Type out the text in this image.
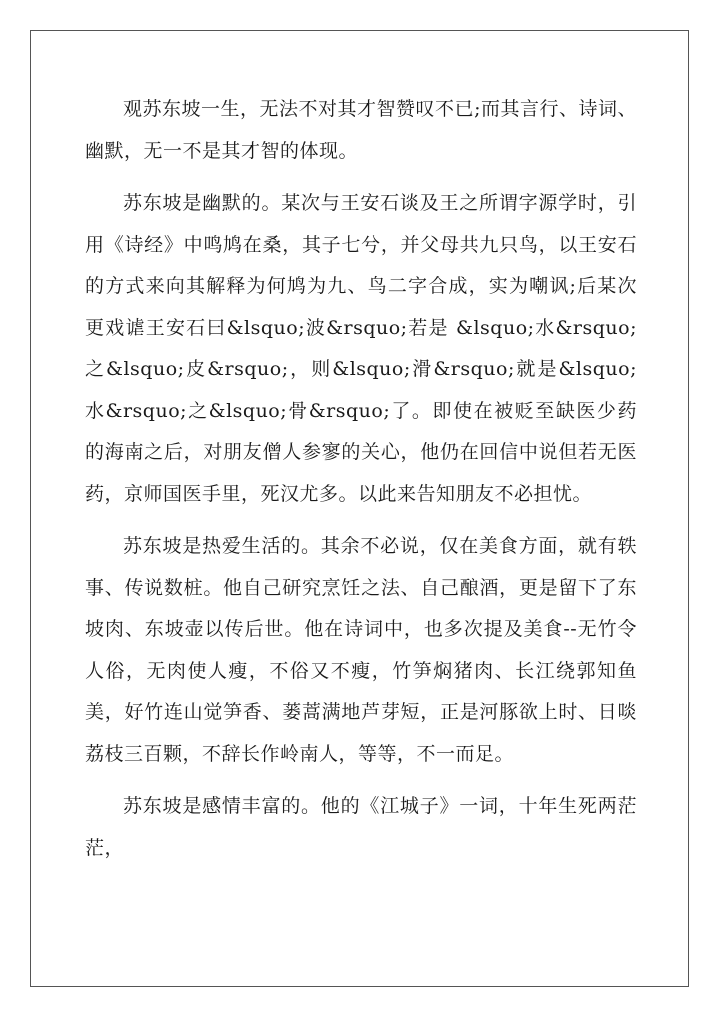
观苏东坡一生，无法不对其才智赞叹不已;而其言行、诗词、幽默，无一不是其才智的体现。

苏东坡是幽默的。某次与王安石谈及王之所谓字源学时，引用《诗经》中鸣鸠在桑，其子七兮，并父母共九只鸟，以王安石的方式来向其解释为何鸠为九、鸟二字合成，实为嘲讽;后某次更戏谑王安石曰&lsquo;波&rsquo;若是 &lsquo;水&rsquo;之&lsquo;皮&rsquo;，则&lsquo;滑&rsquo;就是&lsquo;水&rsquo;之&lsquo;骨&rsquo;了。即使在被贬至缺医少药的海南之后，对朋友僧人参寥的关心，他仍在回信中说但若无医药，京师国医手里，死汉尤多。以此来告知朋友不必担忧。

苏东坡是热爱生活的。其余不必说，仅在美食方面，就有轶事、传说数桩。他自己研究烹饪之法、自己酿酒，更是留下了东坡肉、东坡壶以传后世。他在诗词中，也多次提及美食--无竹令人俗，无肉使人瘦，不俗又不瘦，竹笋焖猪肉、长江绕郭知鱼美，好竹连山觉笋香、蒌蒿满地芦芽短，正是河豚欲上时、日啖荔枝三百颗，不辞长作岭南人，等等，不一而足。

苏东坡是感情丰富的。他的《江城子》一词，十年生死两茫茫，
